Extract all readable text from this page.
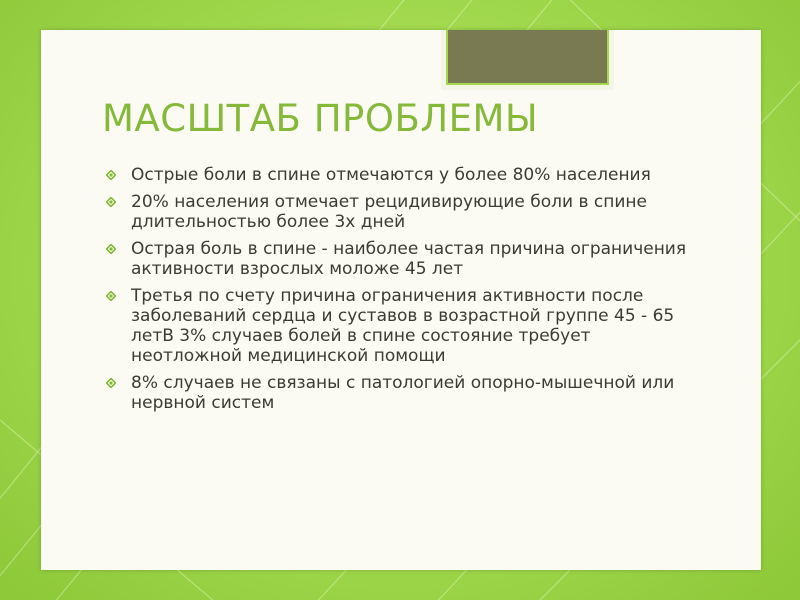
МАСШТАБ ПРОБЛЕМЫ
Острые боли в спине отмечаются у более 80% населения
20% населения отмечает рецидивирующие боли в спине длительностью более 3х дней
Острая боль в спине - наиболее частая причина ограничения активности взрослых моложе 45 лет
Третья по счету причина ограничения активности после заболеваний сердца и суставов в возрастной группе 45 - 65 летВ 3% случаев болей в спине состояние требует неотложной медицинской помощи
8% случаев не связаны с патологией опорно-мышечной или нервной систем
